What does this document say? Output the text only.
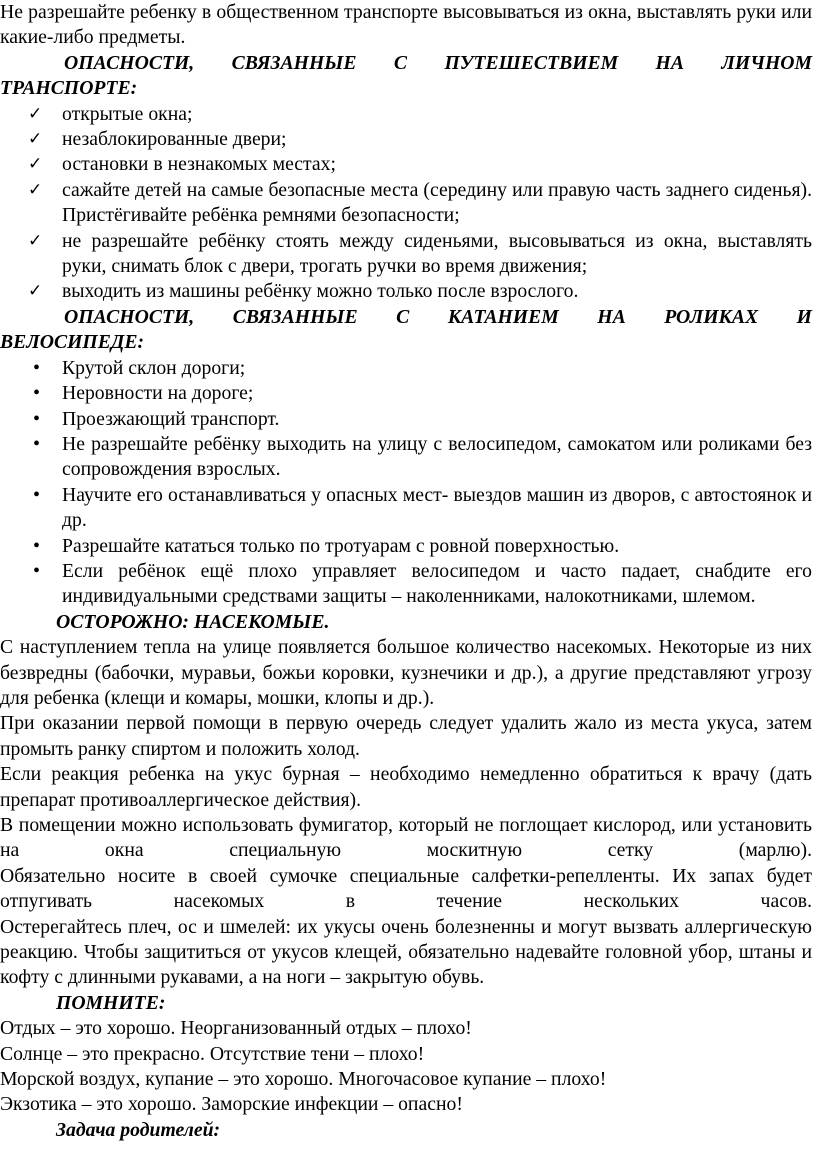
Не разрешайте ребенку в общественном транспорте высовываться из окна, выставлять руки или какие-либо предметы.

ОПАСНОСТИ, СВЯЗАННЫЕ С ПУТЕШЕСТВИЕМ НА ЛИЧНОМ

ТРАНСПОРТЕ:

✓ открытые окна;
✓ незаблокированные двери;
✓ остановки в незнакомых местах;
✓ сажайте детей на самые безопасные места (середину или правую часть заднего сиденья). Пристёгивайте ребёнка ремнями безопасности;
✓ не разрешайте ребёнку стоять между сиденьями, высовываться из окна, выставлять руки, снимать блок с двери, трогать ручки во время движения;
✓ выходить из машины ребёнку можно только после взрослого.

ОПАСНОСТИ, СВЯЗАННЫЕ С КАТАНИЕМ НА РОЛИКАХ И

ВЕЛОСИПЕДЕ:

• Крутой склон дороги;
• Неровности на дороге;
• Проезжающий транспорт.
• Не разрешайте ребёнку выходить на улицу с велосипедом, самокатом или роликами без сопровождения взрослых.
• Научите его останавливаться у опасных мест- выездов машин из дворов, с автостоянок и др.
• Разрешайте кататься только по тротуарам с ровной поверхностью.
• Если ребёнок ещё плохо управляет велосипедом и часто падает, снабдите его индивидуальными средствами защиты – наколенниками, налокотниками, шлемом.

ОСТОРОЖНО: НАСЕКОМЫЕ.

С наступлением тепла на улице появляется большое количество насекомых. Некоторые из них безвредны (бабочки, муравьи, божьи коровки, кузнечики и др.), а другие представляют угрозу для ребенка (клещи и комары, мошки, клопы и др.).

При оказании первой помощи в первую очередь следует удалить жало из места укуса, затем промыть ранку спиртом и положить холод.

Если реакция ребенка на укус бурная – необходимо немедленно обратиться к врачу (дать препарат противоаллергическое действия).

В помещении можно использовать фумигатор, который не поглощает кислород, или установить на окна специальную москитную сетку (марлю).

Обязательно носите в своей сумочке специальные салфетки-репелленты. Их запах будет отпугивать насекомых в течение нескольких часов.

Остерегайтесь плеч, ос и шмелей: их укусы очень болезненны и могут вызвать аллергическую реакцию. Чтобы защититься от укусов клещей, обязательно надевайте головной убор, штаны и кофту с длинными рукавами, а на ноги – закрытую обувь.

ПОМНИТЕ:

Отдых – это хорошо. Неорганизованный отдых – плохо!

Солнце – это прекрасно. Отсутствие тени – плохо!

Морской воздух, купание – это хорошо. Многочасовое купание – плохо!

Экзотика – это хорошо. Заморские инфекции – опасно!

Задача родителей:
